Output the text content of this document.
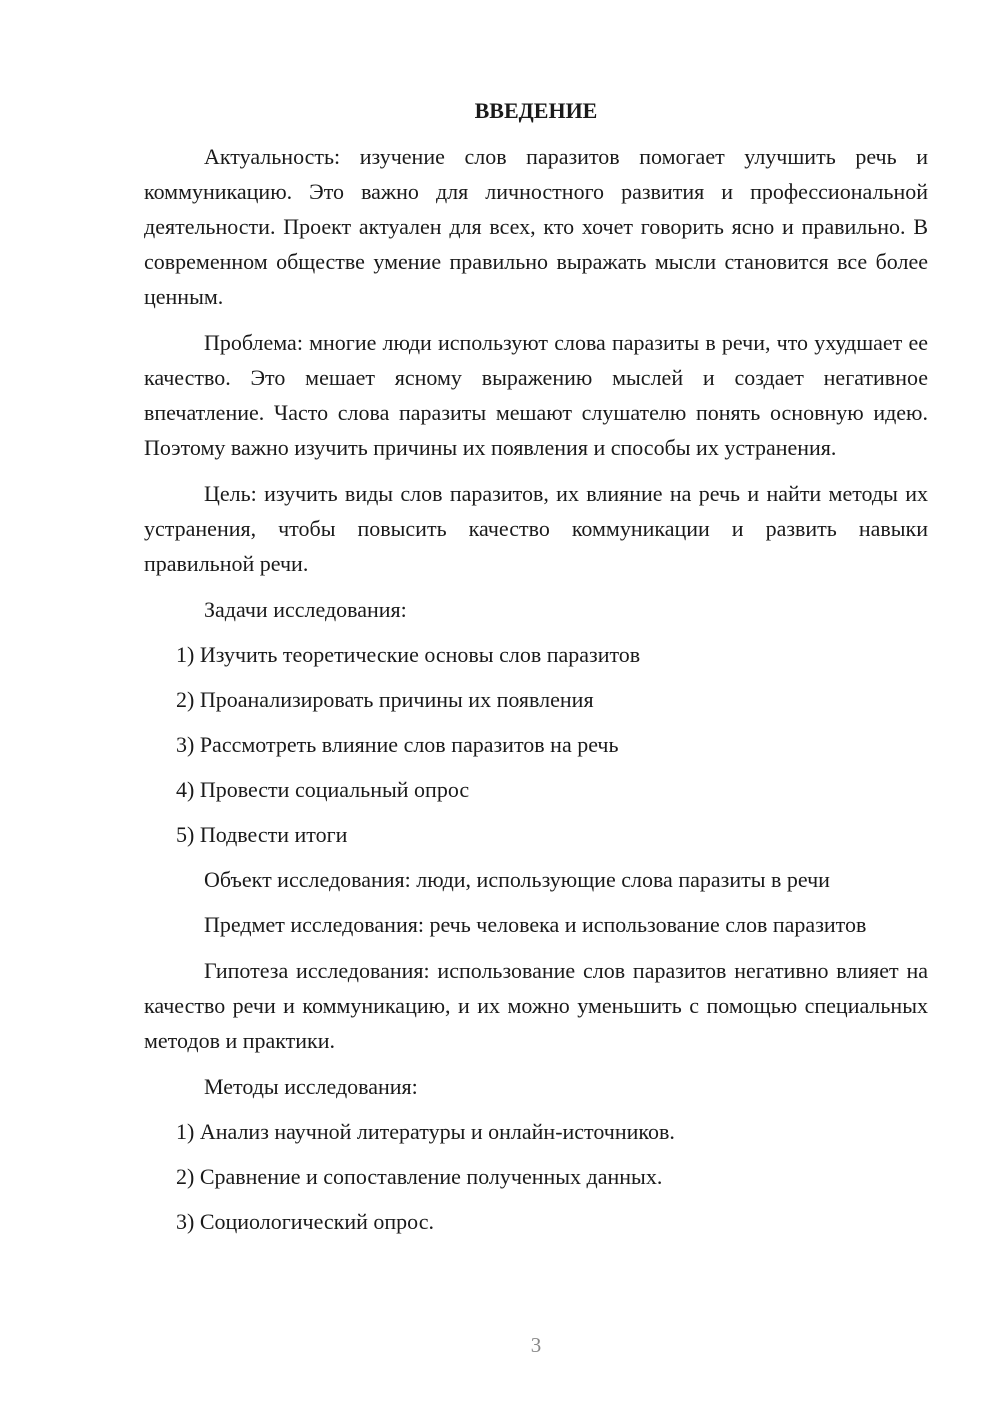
ВВЕДЕНИЕ

Актуальность: изучение слов паразитов помогает улучшить речь и коммуникацию. Это важно для личностного развития и профессиональной деятельности. Проект актуален для всех, кто хочет говорить ясно и правильно. В современном обществе умение правильно выражать мысли становится все более ценным.

Проблема: многие люди используют слова паразиты в речи, что ухудшает ее качество. Это мешает ясному выражению мыслей и создает негативное впечатление. Часто слова паразиты мешают слушателю понять основную идею. Поэтому важно изучить причины их появления и способы их устранения.

Цель: изучить виды слов паразитов, их влияние на речь и найти методы их устранения, чтобы повысить качество коммуникации и развить навыки правильной речи.

Задачи исследования:
1) Изучить теоретические основы слов паразитов
2) Проанализировать причины их появления
3) Рассмотреть влияние слов паразитов на речь
4) Провести социальный опрос
5) Подвести итоги
Объект исследования: люди, использующие слова паразиты в речи

Предмет исследования: речь человека и использование слов паразитов

Гипотеза исследования: использование слов паразитов негативно влияет на качество речи и коммуникацию, и их можно уменьшить с помощью специальных методов и практики.

Методы исследования:
1) Анализ научной литературы и онлайн-источников.
2) Сравнение и сопоставление полученных данных.
3) Социологический опрос.
3
